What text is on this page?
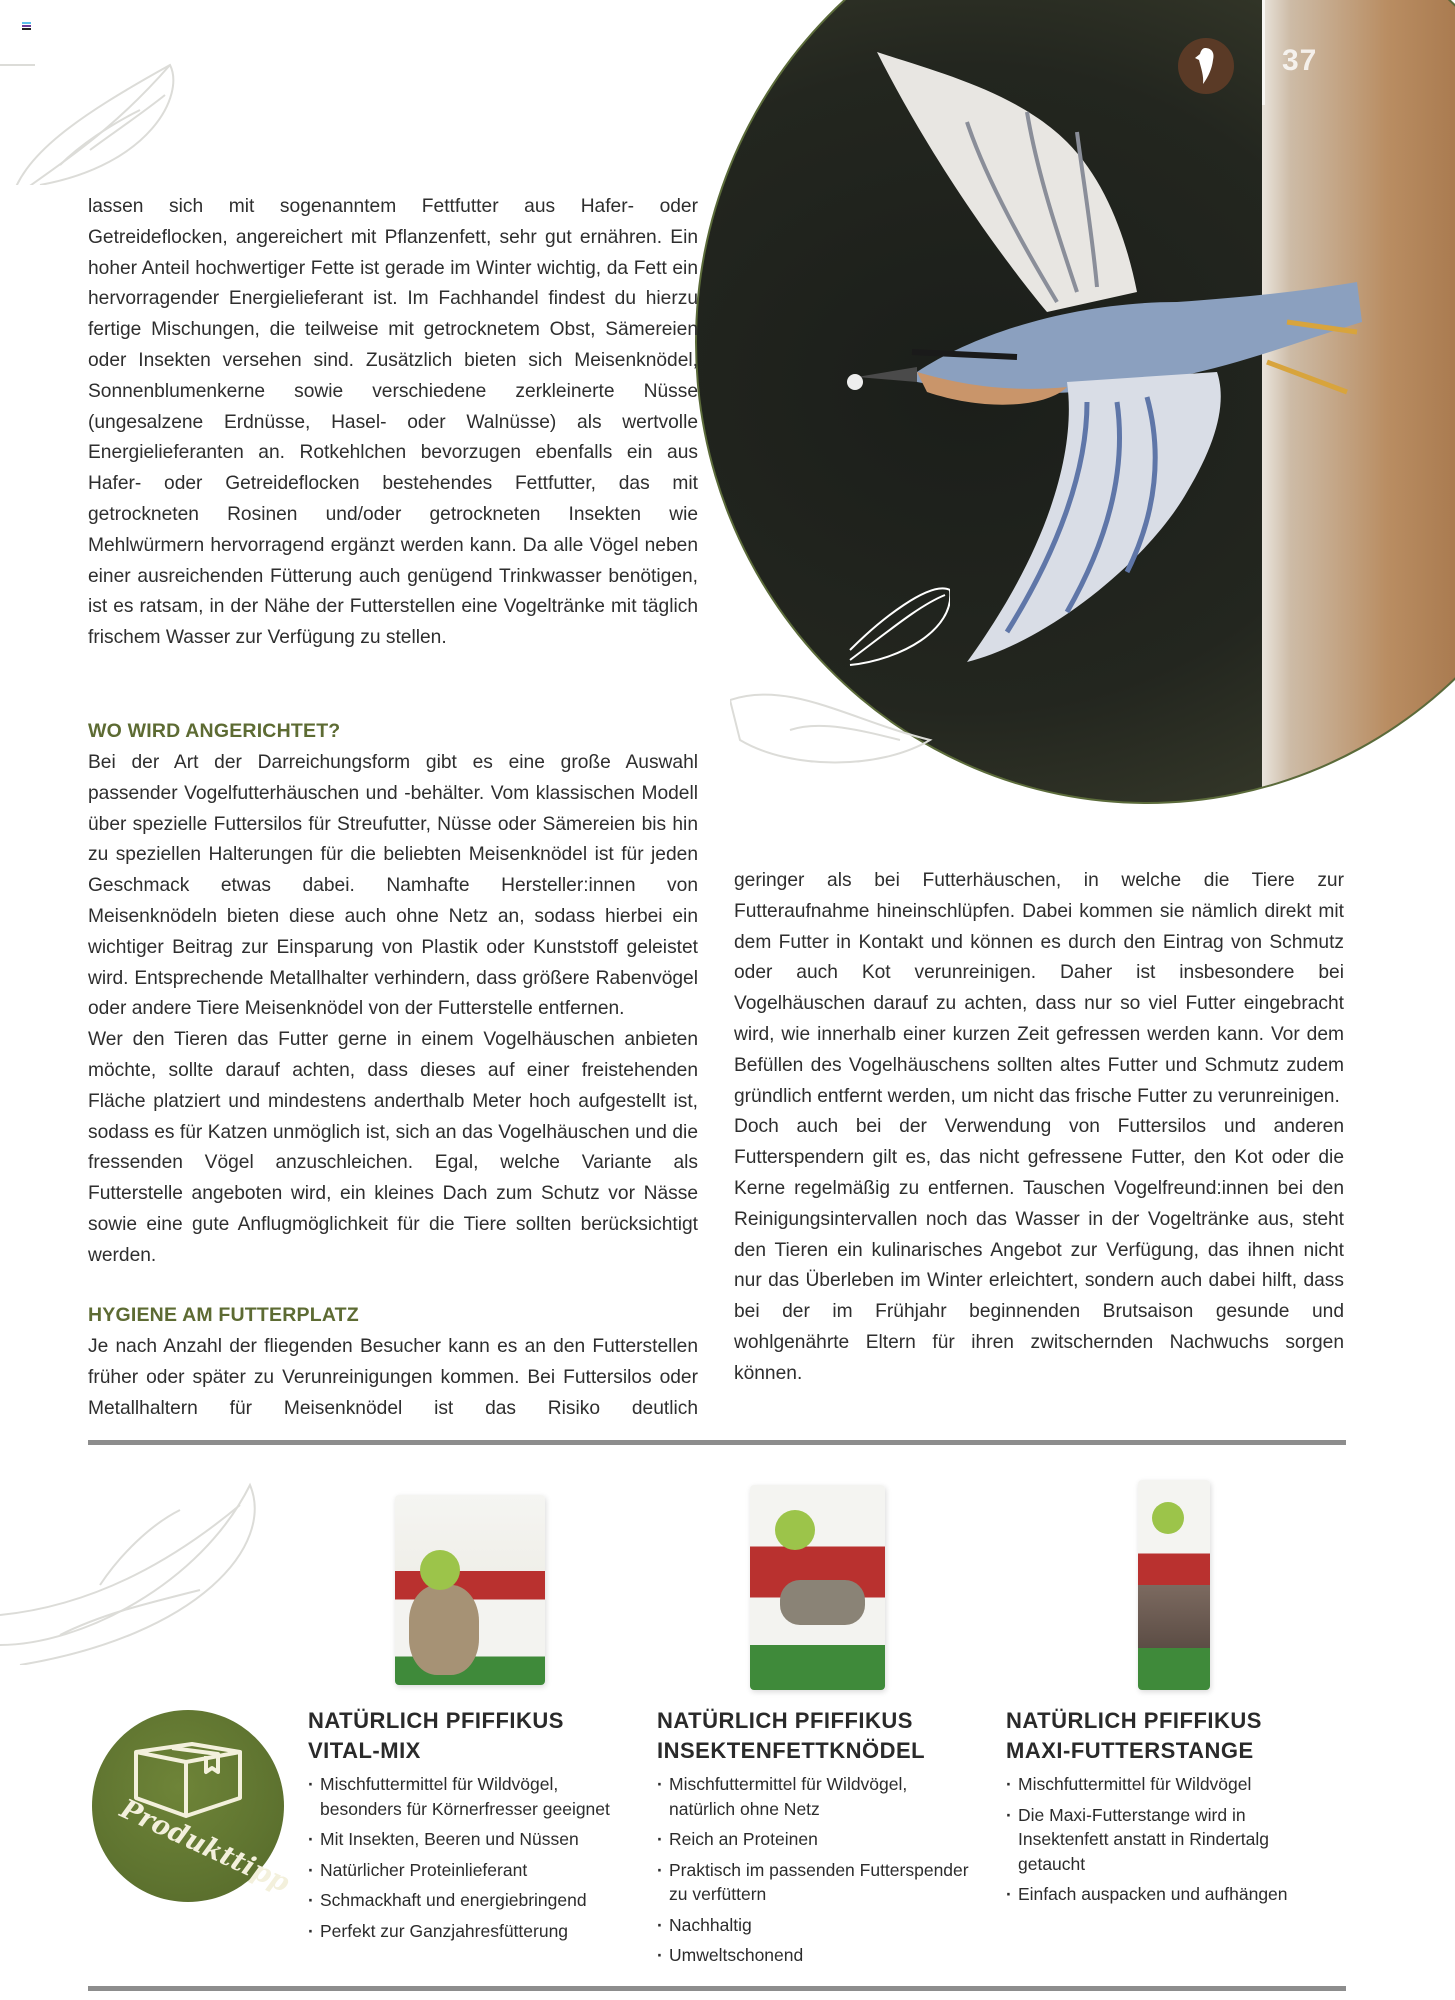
37

lassen sich mit sogenanntem Fettfutter aus Hafer- oder Getreideflocken, angereichert mit Pflanzenfett, sehr gut ernähren. Ein hoher Anteil hochwertiger Fette ist gerade im Winter wichtig, da Fett ein hervorragender Energielieferant ist. Im Fachhandel findest du hierzu fertige Mischungen, die teilweise mit getrocknetem Obst, Sämereien oder Insekten versehen sind. Zusätzlich bieten sich Meisenknödel, Sonnenblumenkerne sowie verschiedene zerkleinerte Nüsse (ungesalzene Erdnüsse, Hasel- oder Walnüsse) als wertvolle Energielieferanten an. Rotkehlchen bevorzugen ebenfalls ein aus Hafer- oder Getreideflocken bestehendes Fettfutter, das mit getrockneten Rosinen und/oder getrockneten Insekten wie Mehlwürmern hervorragend ergänzt werden kann. Da alle Vögel neben einer ausreichenden Fütterung auch genügend Trinkwasser benötigen, ist es ratsam, in der Nähe der Futterstellen eine Vogeltränke mit täglich frischem Wasser zur Verfügung zu stellen.

WO WIRD ANGERICHTET?

Bei der Art der Darreichungsform gibt es eine große Auswahl passender Vogelfutterhäuschen und -behälter. Vom klassischen Modell über spezielle Futtersilos für Streufutter, Nüsse oder Sämereien bis hin zu speziellen Halterungen für die beliebten Meisenknödel ist für jeden Geschmack etwas dabei. Namhafte Hersteller:innen von Meisenknödeln bieten diese auch ohne Netz an, sodass hierbei ein wichtiger Beitrag zur Einsparung von Plastik oder Kunststoff geleistet wird. Entsprechende Metallhalter verhindern, dass größere Rabenvögel oder andere Tiere Meisenknödel von der Futterstelle entfernen.

Wer den Tieren das Futter gerne in einem Vogelhäuschen anbieten möchte, sollte darauf achten, dass dieses auf einer freistehenden Fläche platziert und mindestens anderthalb Meter hoch aufgestellt ist, sodass es für Katzen unmöglich ist, sich an das Vogelhäuschen und die fressenden Vögel anzuschleichen. Egal, welche Variante als Futterstelle angeboten wird, ein kleines Dach zum Schutz vor Nässe sowie eine gute Anflugmöglichkeit für die Tiere sollten berücksichtigt werden.

HYGIENE AM FUTTERPLATZ

Je nach Anzahl der fliegenden Besucher kann es an den Futterstellen früher oder später zu Verunreinigungen kommen. Bei Futtersilos oder Metallhaltern für Meisenknödel ist das Risiko deutlich

geringer als bei Futterhäuschen, in welche die Tiere zur Futteraufnahme hineinschlüpfen. Dabei kommen sie nämlich direkt mit dem Futter in Kontakt und können es durch den Eintrag von Schmutz oder auch Kot verunreinigen. Daher ist insbesondere bei Vogelhäuschen darauf zu achten, dass nur so viel Futter eingebracht wird, wie innerhalb einer kurzen Zeit gefressen werden kann. Vor dem Befüllen des Vogelhäuschens sollten altes Futter und Schmutz zudem gründlich entfernt werden, um nicht das frische Futter zu verunreinigen.

Doch auch bei der Verwendung von Futtersilos und anderen Futterspendern gilt es, das nicht gefressene Futter, den Kot oder die Kerne regelmäßig zu entfernen. Tauschen Vogelfreund:innen bei den Reinigungsintervallen noch das Wasser in der Vogeltränke aus, steht den Tieren ein kulinarisches Angebot zur Verfügung, das ihnen nicht nur das Überleben im Winter erleichtert, sondern auch dabei hilft, dass bei der im Frühjahr beginnenden Brutsaison gesunde und wohlgenährte Eltern für ihren zwitschernden Nachwuchs sorgen können.

Produkttipp
NATÜRLICH PFIFFIKUS
VITAL-MIX
· Mischfuttermittel für Wildvögel, besonders für Körnerfresser geeignet
· Mit Insekten, Beeren und Nüssen
· Natürlicher Proteinlieferant
· Schmackhaft und energiebringend
· Perfekt zur Ganzjahresfütterung
NATÜRLICH PFIFFIKUS
INSEKTENFETTKNÖDEL
· Mischfuttermittel für Wildvögel, natürlich ohne Netz
· Reich an Proteinen
· Praktisch im passenden Futterspender zu verfüttern
· Nachhaltig
· Umweltschonend
NATÜRLICH PFIFFIKUS
MAXI-FUTTERSTANGE
· Mischfuttermittel für Wildvögel
· Die Maxi-Futterstange wird in Insektenfett anstatt in Rindertalg getaucht
· Einfach auspacken und aufhängen
